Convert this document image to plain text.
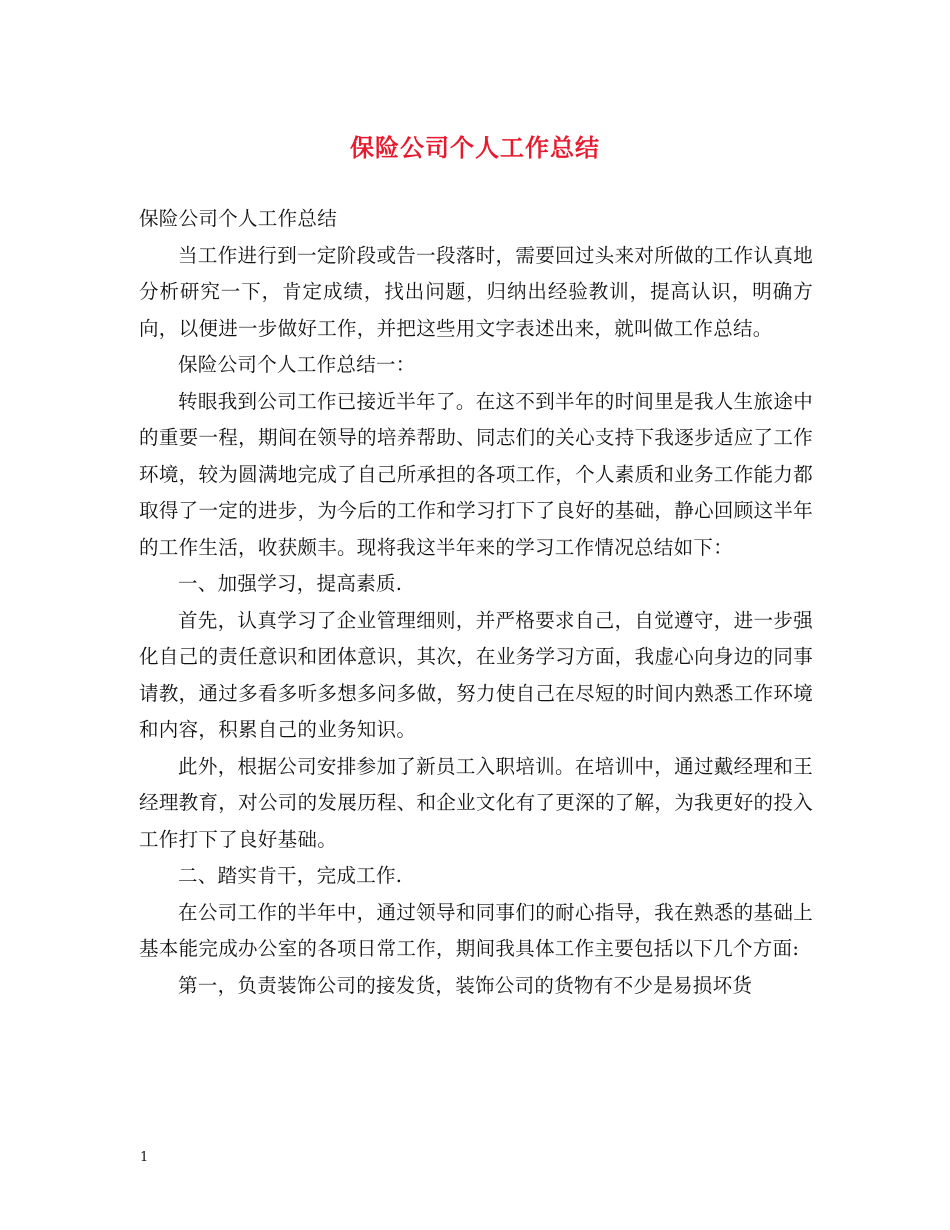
保险公司个人工作总结

保险公司个人工作总结

当工作进行到一定阶段或告一段落时，需要回过头来对所做的工作认真地分析研究一下，肯定成绩，找出问题，归纳出经验教训，提高认识，明确方向，以便进一步做好工作，并把这些用文字表述出来，就叫做工作总结。

保险公司个人工作总结一：

转眼我到公司工作已接近半年了。在这不到半年的时间里是我人生旅途中的重要一程，期间在领导的培养帮助、同志们的关心支持下我逐步适应了工作环境，较为圆满地完成了自己所承担的各项工作，个人素质和业务工作能力都取得了一定的进步，为今后的工作和学习打下了良好的基础，静心回顾这半年的工作生活，收获颇丰。现将我这半年来的学习工作情况总结如下：

一、加强学习，提高素质.

首先，认真学习了企业管理细则，并严格要求自己，自觉遵守，进一步强化自己的责任意识和团体意识，其次，在业务学习方面，我虚心向身边的同事请教，通过多看多听多想多问多做，努力使自己在尽短的时间内熟悉工作环境和内容，积累自己的业务知识。

此外，根据公司安排参加了新员工入职培训。在培训中，通过戴经理和王经理教育，对公司的发展历程、和企业文化有了更深的了解，为我更好的投入工作打下了良好基础。

二、踏实肯干，完成工作.

在公司工作的半年中，通过领导和同事们的耐心指导，我在熟悉的基础上基本能完成办公室的各项日常工作，期间我具体工作主要包括以下几个方面:

第一，负责装饰公司的接发货，装饰公司的货物有不少是易损坏货

1
